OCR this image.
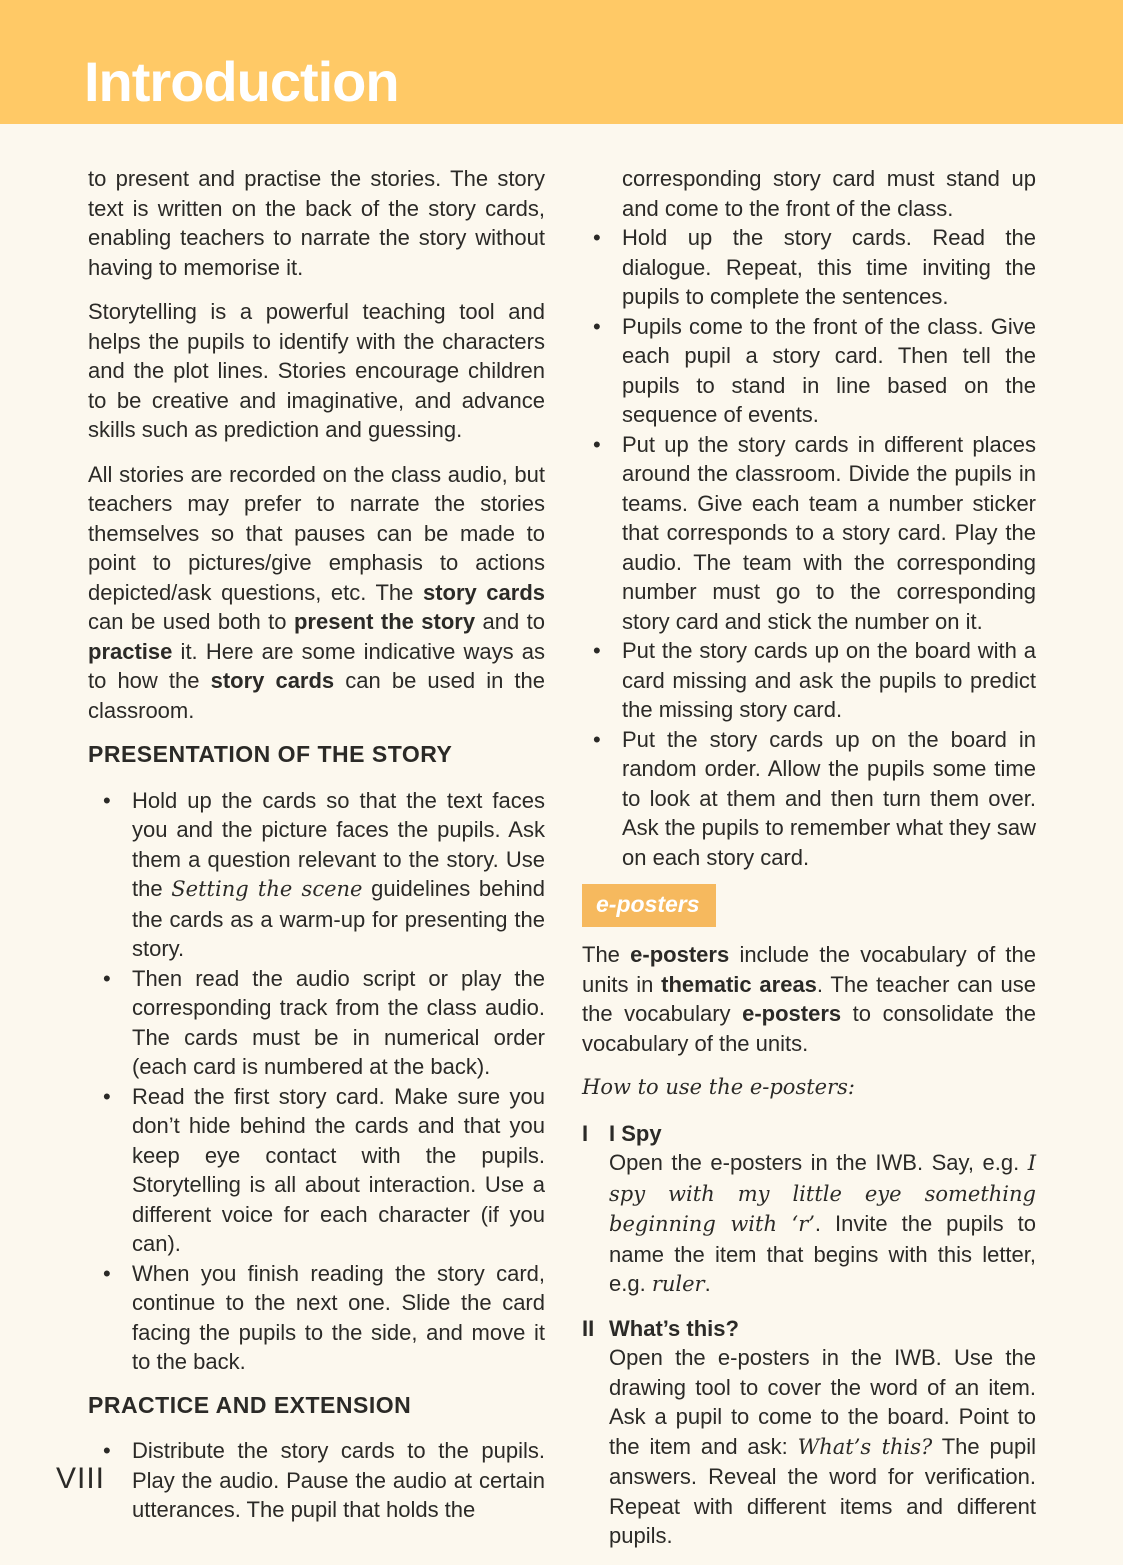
Introduction

to present and practise the stories. The story text is written on the back of the story cards, enabling teachers to narrate the story without having to memorise it.

Storytelling is a powerful teaching tool and helps the pupils to identify with the characters and the plot lines. Stories encourage children to be creative and imaginative, and advance skills such as prediction and guessing.

All stories are recorded on the class audio, but teachers may prefer to narrate the stories themselves so that pauses can be made to point to pictures/give emphasis to actions depicted/ask questions, etc. The story cards can be used both to present the story and to practise it. Here are some indicative ways as to how the story cards can be used in the classroom.

PRESENTATION OF THE STORY
• Hold up the cards so that the text faces you and the picture faces the pupils. Ask them a question relevant to the story. Use the Setting the scene guidelines behind the cards as a warm-up for presenting the story.
• Then read the audio script or play the corresponding track from the class audio. The cards must be in numerical order (each card is numbered at the back).
• Read the first story card. Make sure you don’t hide behind the cards and that you keep eye contact with the pupils. Storytelling is all about interaction. Use a different voice for each character (if you can).
• When you finish reading the story card, continue to the next one. Slide the card facing the pupils to the side, and move it to the back.
PRACTICE AND EXTENSION
• Distribute the story cards to the pupils. Play the audio. Pause the audio at certain utterances. The pupil that holds the

corresponding story card must stand up and come to the front of the class.

• Hold up the story cards. Read the dialogue. Repeat, this time inviting the pupils to complete the sentences.
• Pupils come to the front of the class. Give each pupil a story card. Then tell the pupils to stand in line based on the sequence of events.
• Put up the story cards in different places around the classroom. Divide the pupils in teams. Give each team a number sticker that corresponds to a story card. Play the audio. The team with the corresponding number must go to the corresponding story card and stick the number on it.
• Put the story cards up on the board with a card missing and ask the pupils to predict the missing story card.
• Put the story cards up on the board in random order. Allow the pupils some time to look at them and then turn them over. Ask the pupils to remember what they saw on each story card.
e-posters

The e-posters include the vocabulary of the units in thematic areas. The teacher can use the vocabulary e-posters to consolidate the vocabulary of the units.

How to use the e-posters:

I I Spy
Open the e-posters in the IWB. Say, e.g. I spy with my little eye something beginning with ‘r’. Invite the pupils to name the item that begins with this letter, e.g. ruler.
II What’s this?
Open the e-posters in the IWB. Use the drawing tool to cover the word of an item. Ask a pupil to come to the board. Point to the item and ask: What’s this? The pupil answers. Reveal the word for verification. Repeat with different items and different pupils.
VIII
